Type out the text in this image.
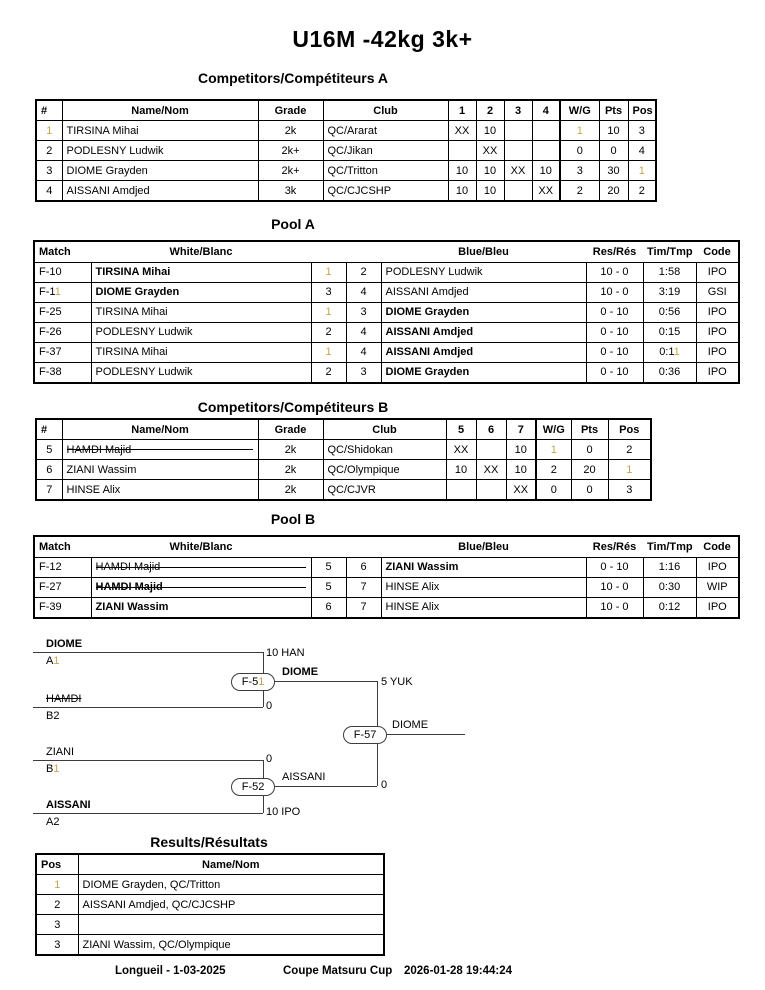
U16M -42kg 3k+
Competitors/Compétiteurs A
#	Name/Nom	Grade	Club	1	2	3	4	W/G	Pts	Pos
1	TIRSINA Mihai	2k	QC/Ararat	XX	10			1	10	3
2	PODLESNY Ludwik	2k+	QC/Jikan		XX			0	0	4
3	DIOME Grayden	2k+	QC/Tritton	10	10	XX	10	3	30	1
4	AISSANI Amdjed	3k	QC/CJCSHP	10	10		XX	2	20	2
Pool A
Match	White/Blanc			Blue/Bleu	Res/Rés	Tim/Tmp	Code
F-10	TIRSINA Mihai	1	2	PODLESNY Ludwik	10 - 0	1:58	IPO
F-11	DIOME Grayden	3	4	AISSANI Amdjed	10 - 0	3:19	GSI
F-25	TIRSINA Mihai	1	3	DIOME Grayden	0 - 10	0:56	IPO
F-26	PODLESNY Ludwik	2	4	AISSANI Amdjed	0 - 10	0:15	IPO
F-37	TIRSINA Mihai	1	4	AISSANI Amdjed	0 - 10	0:11	IPO
F-38	PODLESNY Ludwik	2	3	DIOME Grayden	0 - 10	0:36	IPO
Competitors/Compétiteurs B
#	Name/Nom	Grade	Club	5	6	7	W/G	Pts	Pos
5	HAMDI Majid	2k	QC/Shidokan	XX		10	1	0	2
6	ZIANI Wassim	2k	QC/Olympique	10	XX	10	2	20	1
7	HINSE Alix	2k	QC/CJVR			XX	0	0	3
Pool B
Match	White/Blanc			Blue/Bleu	Res/Rés	Tim/Tmp	Code
F-12	HAMDI Majid	5	6	ZIANI Wassim	0 - 10	1:16	IPO
F-27	HAMDI Majid	5	7	HINSE Alix	10 - 0	0:30	WIP
F-39	ZIANI Wassim	6	7	HINSE Alix	10 - 0	0:12	IPO
DIOME
A1
HAMDI
B2
ZIANI
B1
AISSANI
A2
10 HAN
0
0
10 IPO
5 YUK
0
DIOME
AISSANI
DIOME
F-51
F-52
F-57
Results/Résultats
Pos	Name/Nom
1	DIOME Grayden, QC/Tritton
2	AISSANI Amdjed, QC/CJCSHP
3	
3	ZIANI Wassim, QC/Olympique
Longueil - 1-03-2025	Coupe Matsuru Cup 2026-01-28 19:44:24
